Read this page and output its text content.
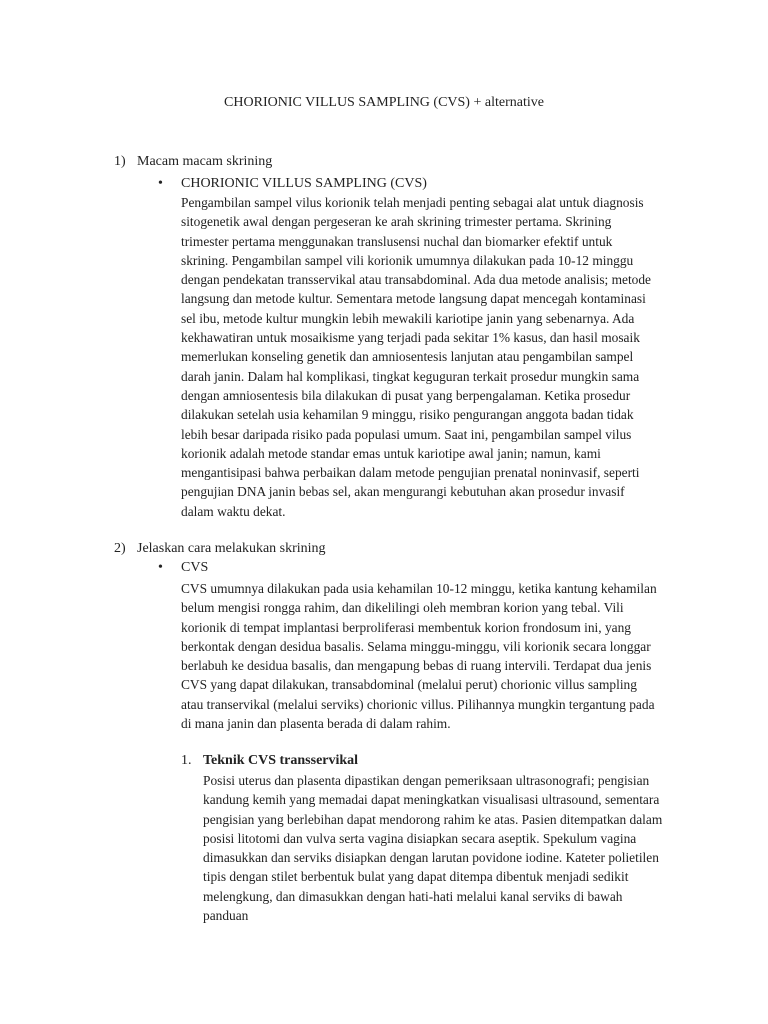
CHORIONIC VILLUS SAMPLING (CVS) + alternative
1) Macam macam skrining
• CHORIONIC VILLUS SAMPLING (CVS)
Pengambilan sampel vilus korionik telah menjadi penting sebagai alat untuk diagnosis sitogenetik awal dengan pergeseran ke arah skrining trimester pertama. Skrining trimester pertama menggunakan translusensi nuchal dan biomarker efektif untuk skrining. Pengambilan sampel vili korionik umumnya dilakukan pada 10-12 minggu dengan pendekatan transservikal atau transabdominal. Ada dua metode analisis; metode langsung dan metode kultur. Sementara metode langsung dapat mencegah kontaminasi sel ibu, metode kultur mungkin lebih mewakili kariotipe janin yang sebenarnya. Ada kekhawatiran untuk mosaikisme yang terjadi pada sekitar 1% kasus, dan hasil mosaik memerlukan konseling genetik dan amniosentesis lanjutan atau pengambilan sampel darah janin. Dalam hal komplikasi, tingkat keguguran terkait prosedur mungkin sama dengan amniosentesis bila dilakukan di pusat yang berpengalaman. Ketika prosedur dilakukan setelah usia kehamilan 9 minggu, risiko pengurangan anggota badan tidak lebih besar daripada risiko pada populasi umum. Saat ini, pengambilan sampel vilus korionik adalah metode standar emas untuk kariotipe awal janin; namun, kami mengantisipasi bahwa perbaikan dalam metode pengujian prenatal noninvasif, seperti pengujian DNA janin bebas sel, akan mengurangi kebutuhan akan prosedur invasif dalam waktu dekat.
2) Jelaskan cara melakukan skrining
• CVS
CVS umumnya dilakukan pada usia kehamilan 10-12 minggu, ketika kantung kehamilan belum mengisi rongga rahim, dan dikelilingi oleh membran korion yang tebal. Vili korionik di tempat implantasi berproliferasi membentuk korion frondosum ini, yang berkontak dengan desidua basalis. Selama minggu-minggu, vili korionik secara longgar berlabuh ke desidua basalis, dan mengapung bebas di ruang intervili. Terdapat dua jenis CVS yang dapat dilakukan, transabdominal (melalui perut) chorionic villus sampling atau transervikal (melalui serviks) chorionic villus. Pilihannya mungkin tergantung pada di mana janin dan plasenta berada di dalam rahim.
1. Teknik CVS transservikal
Posisi uterus dan plasenta dipastikan dengan pemeriksaan ultrasonografi; pengisian kandung kemih yang memadai dapat meningkatkan visualisasi ultrasound, sementara pengisian yang berlebihan dapat mendorong rahim ke atas. Pasien ditempatkan dalam posisi litotomi dan vulva serta vagina disiapkan secara aseptik. Spekulum vagina dimasukkan dan serviks disiapkan dengan larutan povidone iodine. Kateter polietilen tipis dengan stilet berbentuk bulat yang dapat ditempa dibentuk menjadi sedikit melengkung, dan dimasukkan dengan hati-hati melalui kanal serviks di bawah panduan
